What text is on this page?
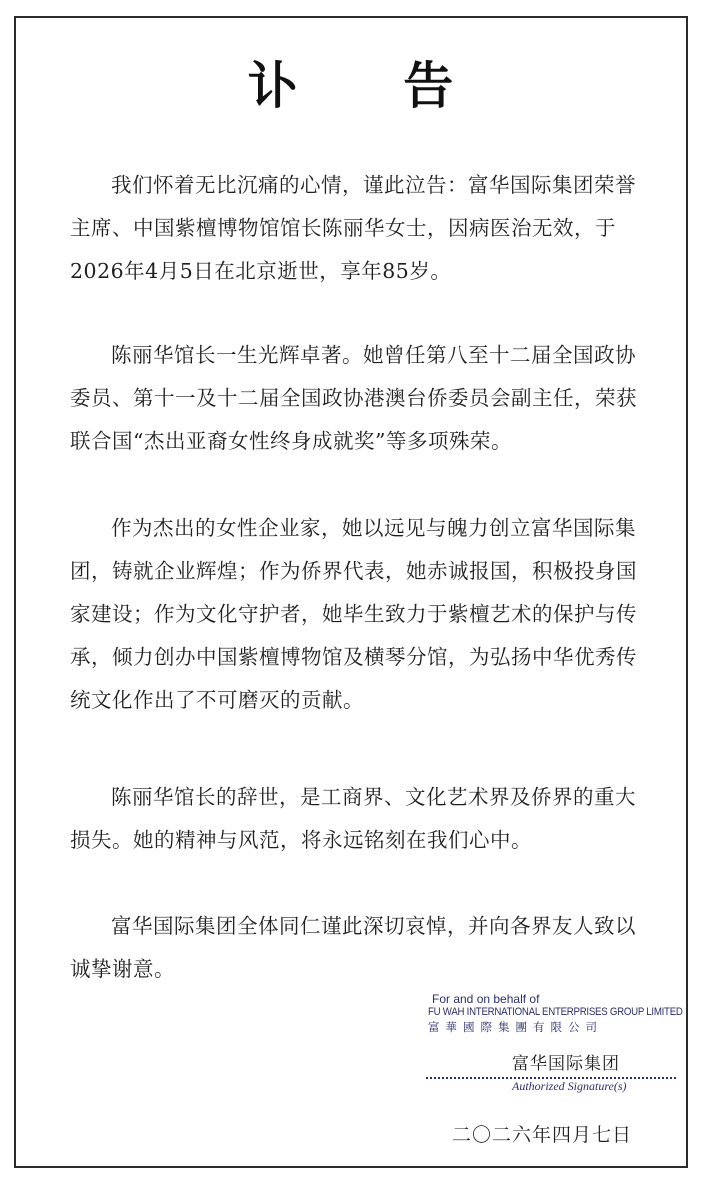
讣 告
我们怀着无比沉痛的心情，谨此泣告：富华国际集团荣誉
主席、中国紫檀博物馆馆长陈丽华女士，因病医治无效，于
2026年4月5日在北京逝世，享年85岁。
陈丽华馆长一生光辉卓著。她曾任第八至十二届全国政协
委员、第十一及十二届全国政协港澳台侨委员会副主任，荣获
联合国“杰出亚裔女性终身成就奖”等多项殊荣。
作为杰出的女性企业家，她以远见与魄力创立富华国际集
团，铸就企业辉煌；作为侨界代表，她赤诚报国，积极投身国
家建设；作为文化守护者，她毕生致力于紫檀艺术的保护与传
承，倾力创办中国紫檀博物馆及横琴分馆，为弘扬中华优秀传
统文化作出了不可磨灭的贡献。
陈丽华馆长的辞世，是工商界、文化艺术界及侨界的重大
损失。她的精神与风范，将永远铭刻在我们心中。
富华国际集团全体同仁谨此深切哀悼，并向各界友人致以
诚挚谢意。
For and on behalf of
FU WAH INTERNATIONAL ENTERPRISES GROUP LIMITED
富華國際集團有限公司
富华国际集团
Authorized Signature(s)
二〇二六年四月七日
